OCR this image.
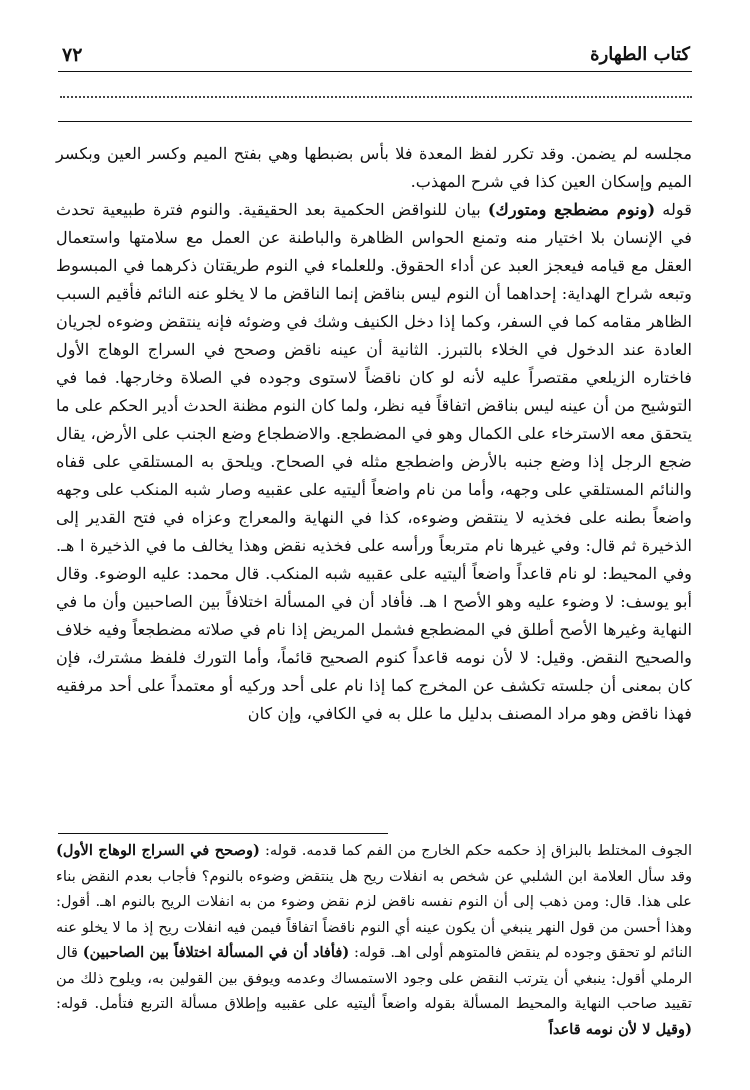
٧٢	كتاب الطهارة

مجلسه لم يضمن. وقد تكرر لفظ المعدة فلا بأس بضبطها وهي بفتح الميم وكسر العين وبكسر الميم وإسكان العين كذا في شرح المهذب.

قوله (ونوم مضطجع ومتورك) بيان للنواقض الحكمية بعد الحقيقية. والنوم فترة طبيعية تحدث في الإنسان بلا اختيار منه وتمنع الحواس الظاهرة والباطنة عن العمل مع سلامتها واستعمال العقل مع قيامه فيعجز العبد عن أداء الحقوق. وللعلماء في النوم طريقتان ذكرهما في المبسوط وتبعه شراح الهداية: إحداهما أن النوم ليس بناقض إنما الناقض ما لا يخلو عنه النائم فأقيم السبب الظاهر مقامه كما في السفر، وكما إذا دخل الكنيف وشك في وضوئه فإنه ينتقض وضوءه لجريان العادة عند الدخول في الخلاء بالتبرز. الثانية أن عينه ناقض وصحح في السراج الوهاج الأول فاختاره الزيلعي مقتصراً عليه لأنه لو كان ناقضاً لاستوى وجوده في الصلاة وخارجها. فما في التوشيح من أن عينه ليس بناقض اتفاقاً فيه نظر، ولما كان النوم مظنة الحدث أدير الحكم على ما يتحقق معه الاسترخاء على الكمال وهو في المضطجع. والاضطجاع وضع الجنب على الأرض، يقال ضجع الرجل إذا وضع جنبه بالأرض واضطجع مثله في الصحاح. ويلحق به المستلقي على قفاه والنائم المستلقي على وجهه، وأما من نام واضعاً أليتيه على عقبيه وصار شبه المنكب على وجهه واضعاً بطنه على فخذيه لا ينتقض وضوءه، كذا في النهاية والمعراج وعزاه في فتح القدير إلى الذخيرة ثم قال: وفي غيرها نام متربعاً ورأسه على فخذيه نقض وهذا يخالف ما في الذخيرة ا هـ. وفي المحيط: لو نام قاعداً واضعاً أليتيه على عقبيه شبه المنكب. قال محمد: عليه الوضوء. وقال أبو يوسف: لا وضوء عليه وهو الأصح ا هـ. فأفاد أن في المسألة اختلافاً بين الصاحبين وأن ما في النهاية وغيرها الأصح أطلق في المضطجع فشمل المريض إذا نام في صلاته مضطجعاً وفيه خلاف والصحيح النقض. وقيل: لا لأن نومه قاعداً كنوم الصحيح قائماً، وأما التورك فلفظ مشترك، فإن كان بمعنى أن جلسته تكشف عن المخرج كما إذا نام على أحد وركيه أو معتمداً على أحد مرفقيه فهذا ناقض وهو مراد المصنف بدليل ما علل به في الكافي، وإن كان

الجوف المختلط بالبزاق إذ حكمه حكم الخارج من الفم كما قدمه. قوله: (وصحح في السراج الوهاج الأول) وقد سأل العلامة ابن الشلبي عن شخص به انفلات ريح هل ينتقض وضوءه بالنوم؟ فأجاب بعدم النقض بناء على هذا. قال: ومن ذهب إلى أن النوم نفسه ناقض لزم نقض وضوء من به انفلات الريح بالنوم اهـ. أقول: وهذا أحسن من قول النهر ينبغي أن يكون عينه أي النوم ناقضاً اتفاقاً فيمن فيه انفلات ريح إذ ما لا يخلو عنه النائم لو تحقق وجوده لم ينقض فالمتوهم أولى اهـ. قوله: (فأفاد أن في المسألة اختلافاً بين الصاحبين) قال الرملي أقول: ينبغي أن يترتب النقض على وجود الاستمساك وعدمه ويوفق بين القولين به، ويلوح ذلك من تقييد صاحب النهاية والمحيط المسألة بقوله واضعاً أليتيه على عقبيه وإطلاق مسألة التربع فتأمل. قوله: (وقيل لا لأن نومه قاعداً
